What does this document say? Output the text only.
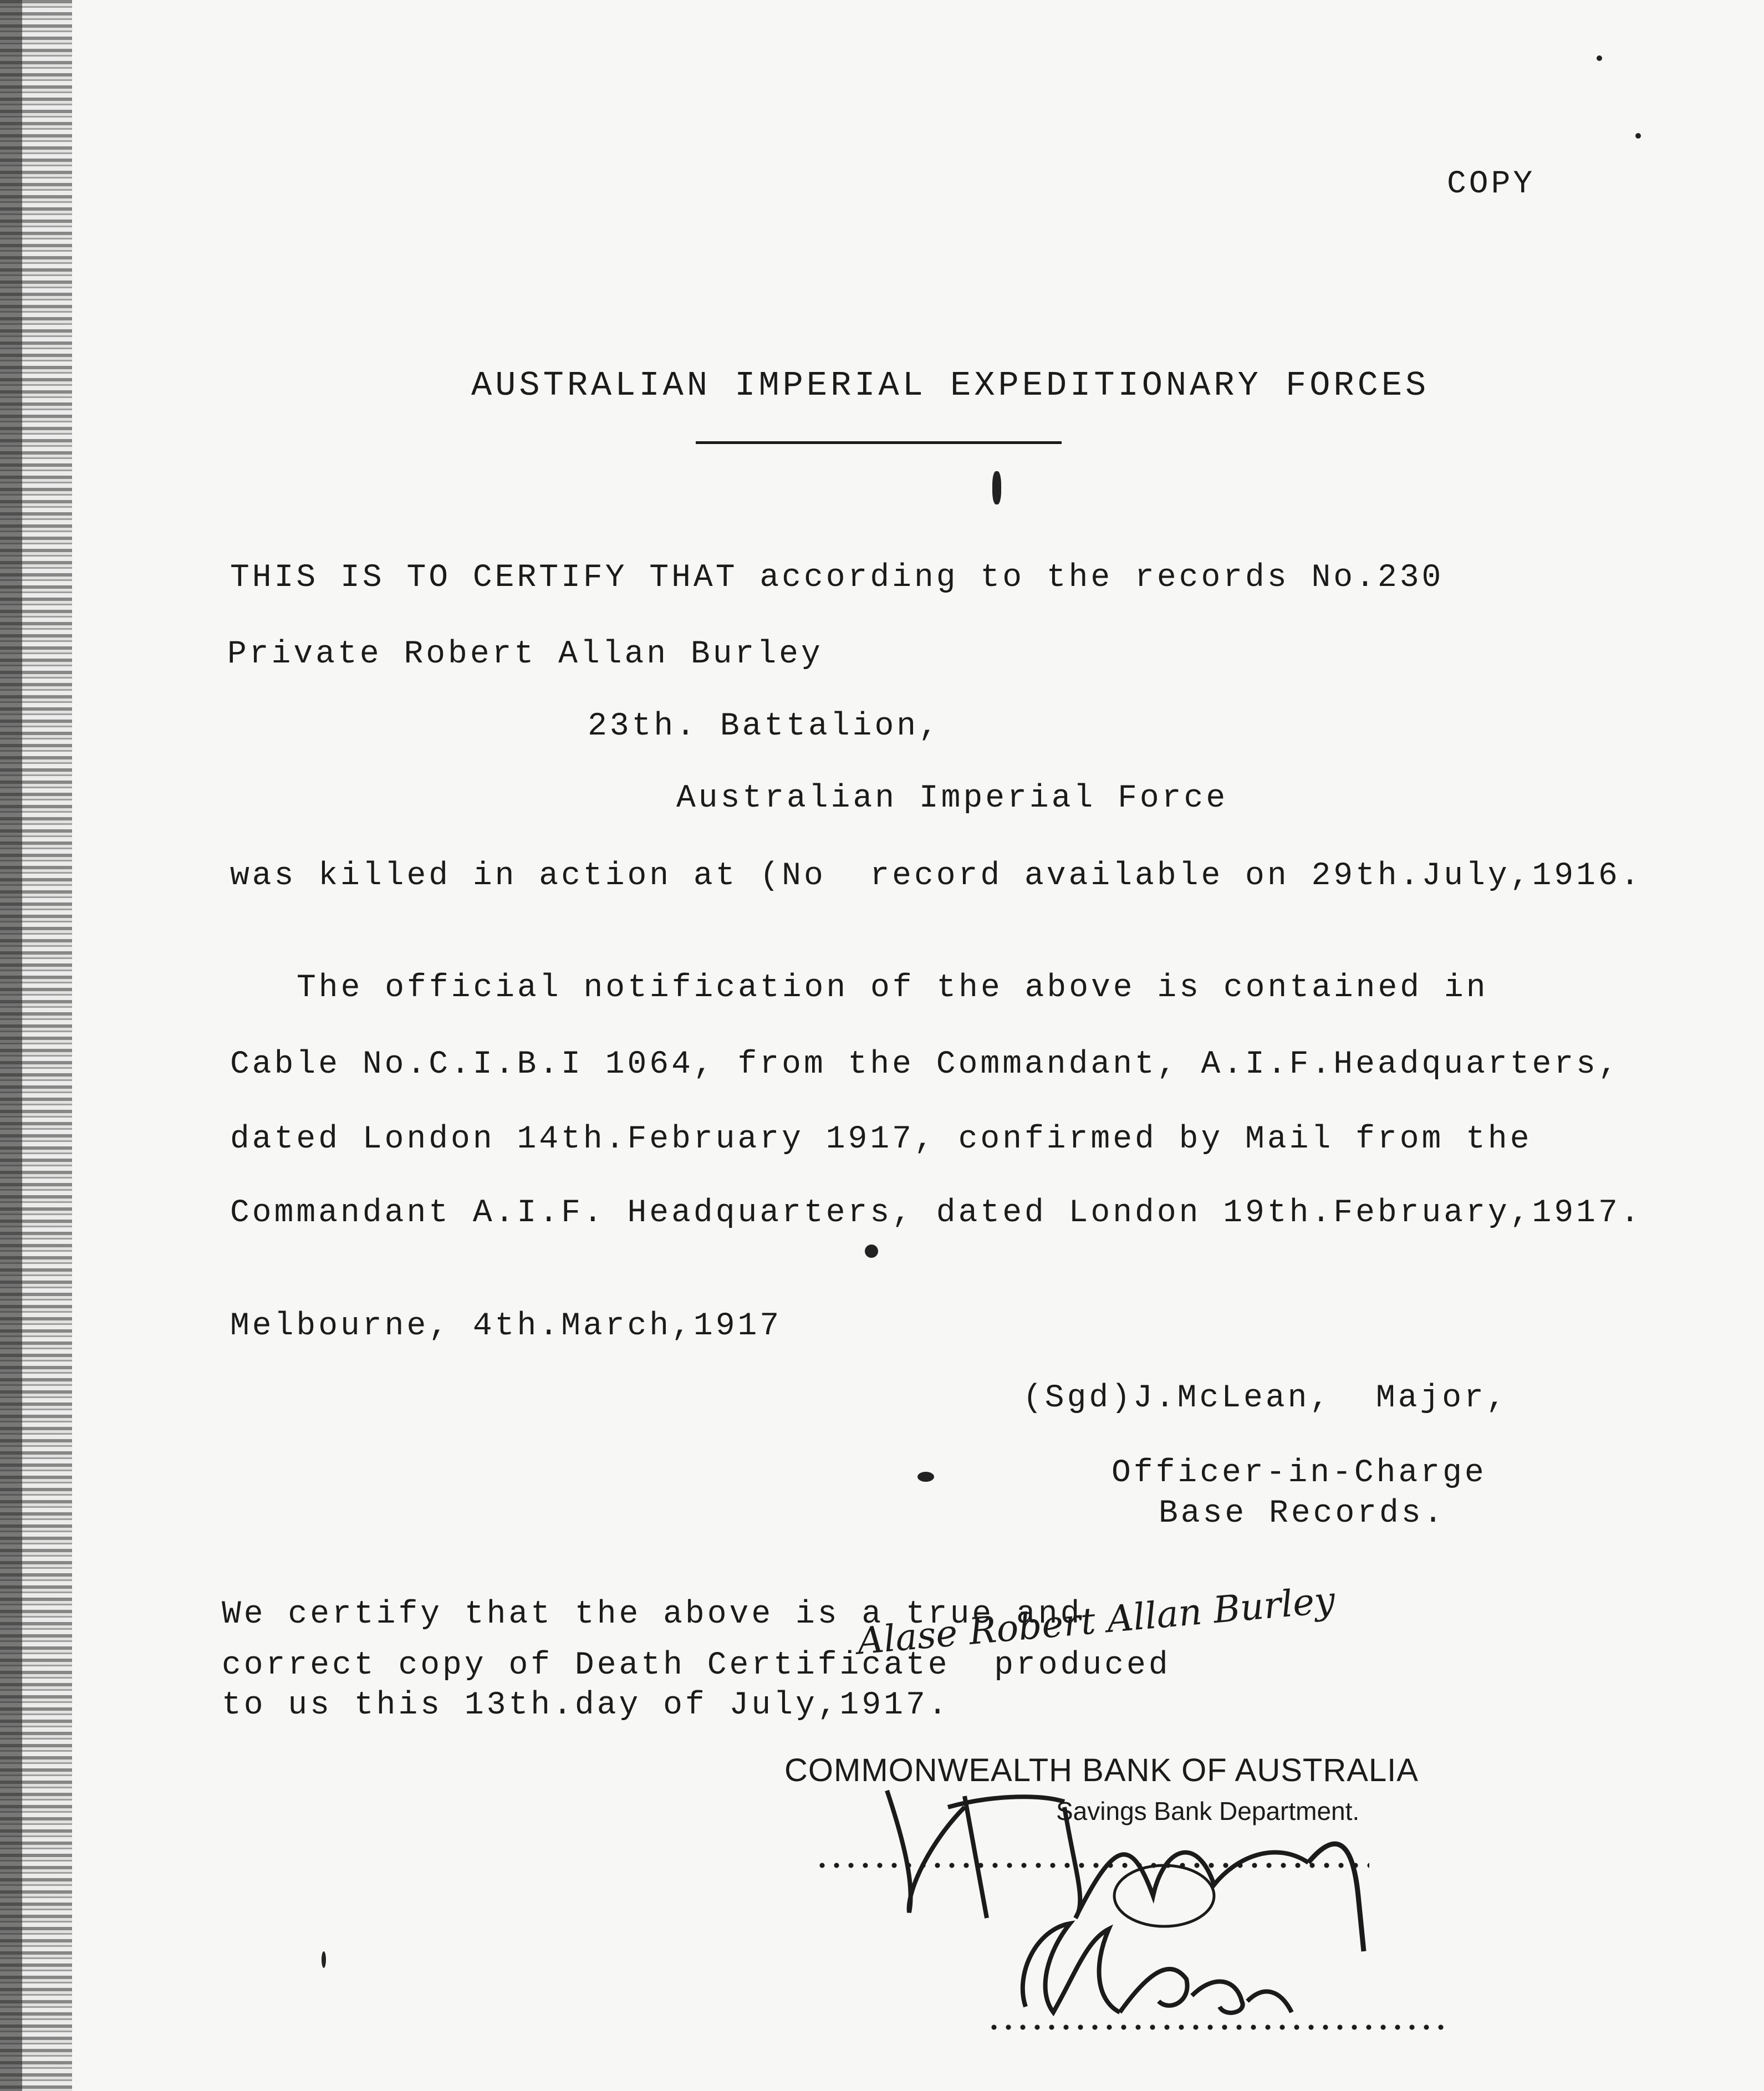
COPY
AUSTRALIAN IMPERIAL EXPEDITIONARY FORCES
THIS IS TO CERTIFY THAT according to the records No.230
Private Robert Allan Burley
23th. Battalion,
Australian Imperial Force
was killed in action at (No  record available on 29th.July,1916.
The official notification of the above is contained in
Cable No.C.I.B.I 1064, from the Commandant, A.I.F.Headquarters,
dated London 14th.February 1917, confirmed by Mail from the
Commandant A.I.F. Headquarters, dated London 19th.February,1917.
Melbourne, 4th.March,1917
(Sgd)J.McLean,  Major,
Officer-in-Charge
Base Records.
We certify that the above is a true and
correct copy of Death Certificate  produced
to us this 13th.day of July,1917.
Alase Robert Allan Burley
COMMONWEALTH BANK OF AUSTRALIA
Savings Bank Department.
